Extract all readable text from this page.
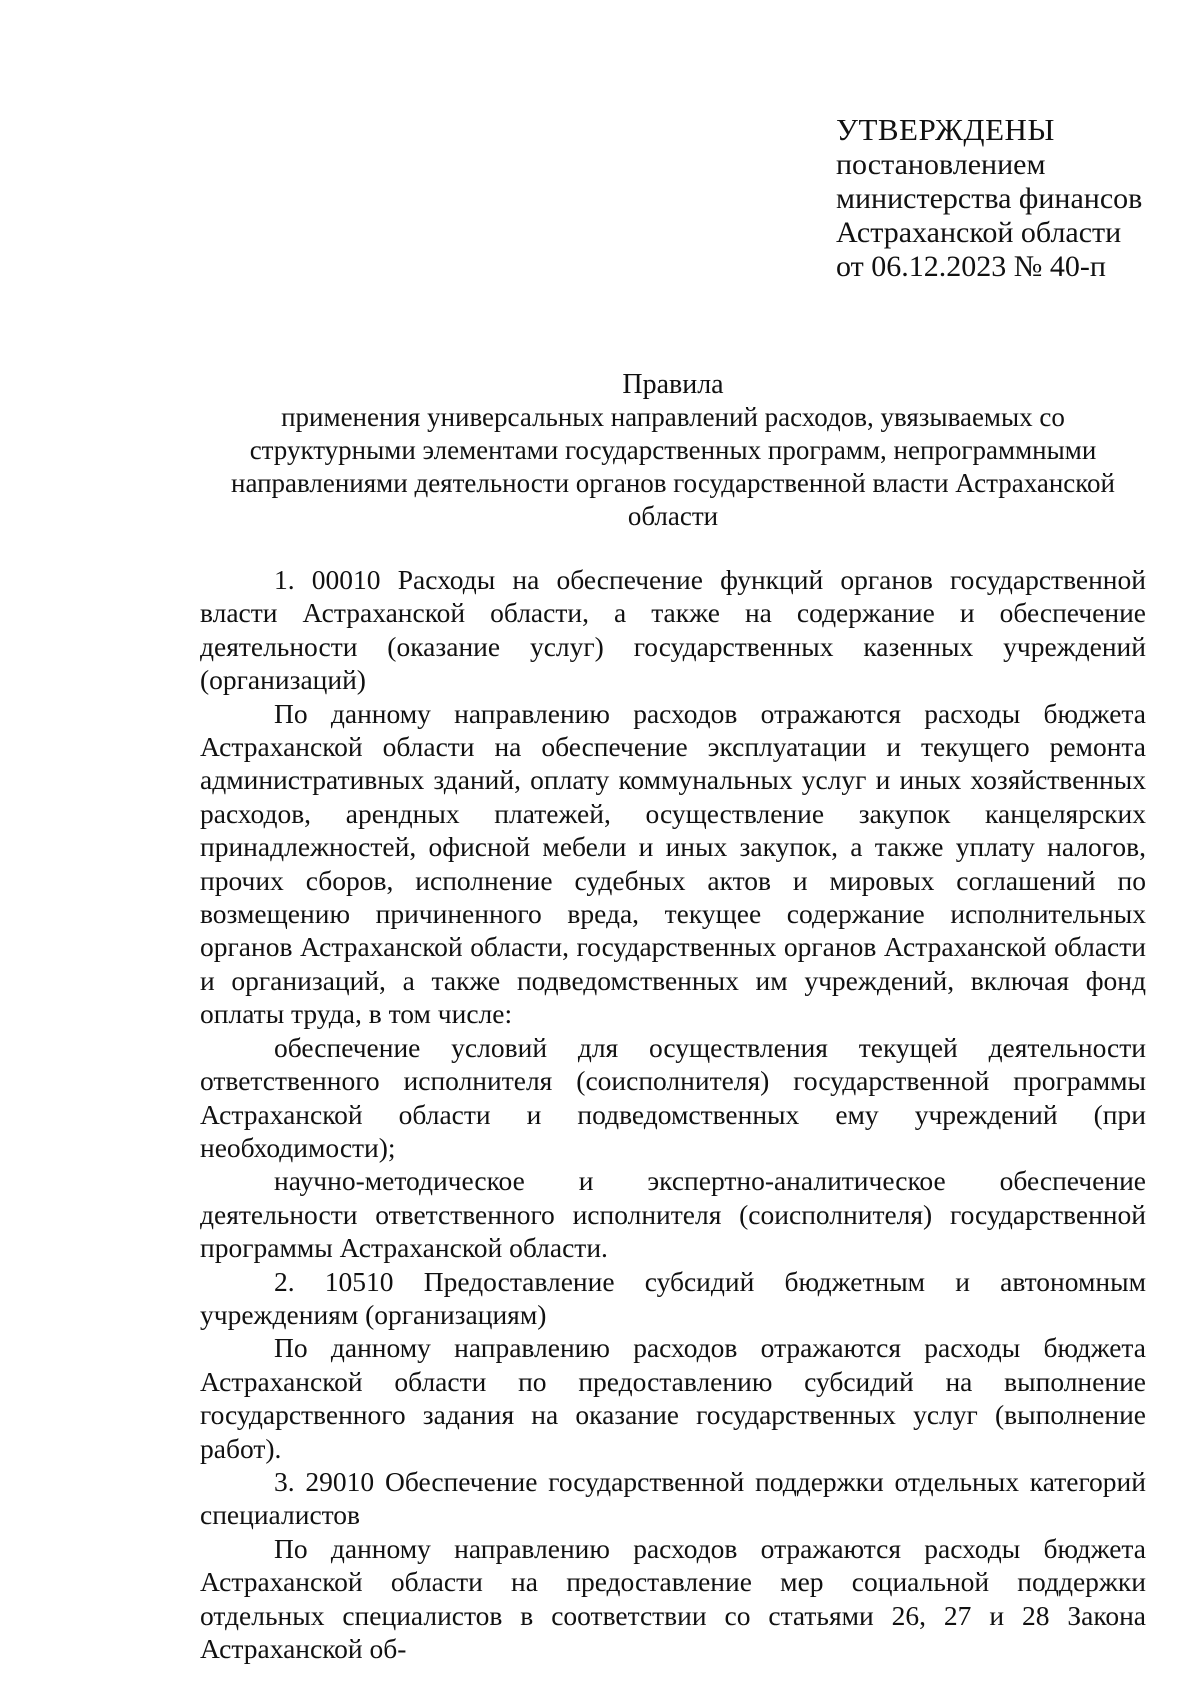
УТВЕРЖДЕНЫ
постановлением
министерства финансов
Астраханской области
от 06.12.2023 № 40-п
Правила
применения универсальных направлений расходов, увязываемых со структурными элементами государственных программ, непрограммными направлениями деятельности органов государственной власти Астраханской области

1. 00010 Расходы на обеспечение функций органов государственной власти Астраханской области, а также на содержание и обеспечение деятельности (оказание услуг) государственных казенных учреждений (организаций)

По данному направлению расходов отражаются расходы бюджета Астраханской области на обеспечение эксплуатации и текущего ремонта административных зданий, оплату коммунальных услуг и иных хозяйственных расходов, арендных платежей, осуществление закупок канцелярских принадлежностей, офисной мебели и иных закупок, а также уплату налогов, прочих сборов, исполнение судебных актов и мировых соглашений по возмещению причиненного вреда, текущее содержание исполнительных органов Астраханской области, государственных органов Астраханской области и организаций, а также подведомственных им учреждений, включая фонд оплаты труда, в том числе:

обеспечение условий для осуществления текущей деятельности ответственного исполнителя (соисполнителя) государственной программы Астраханской области и подведомственных ему учреждений (при необходимости);

научно-методическое и экспертно-аналитическое обеспечение деятельности ответственного исполнителя (соисполнителя) государственной программы Астраханской области.

2. 10510 Предоставление субсидий бюджетным и автономным учреждениям (организациям)

По данному направлению расходов отражаются расходы бюджета Астраханской области по предоставлению субсидий на выполнение государственного задания на оказание государственных услуг (выполнение работ).

3. 29010 Обеспечение государственной поддержки отдельных категорий специалистов

По данному направлению расходов отражаются расходы бюджета Астраханской области на предоставление мер социальной поддержки отдельных специалистов в соответствии со статьями 26, 27 и 28 Закона Астраханской об-
